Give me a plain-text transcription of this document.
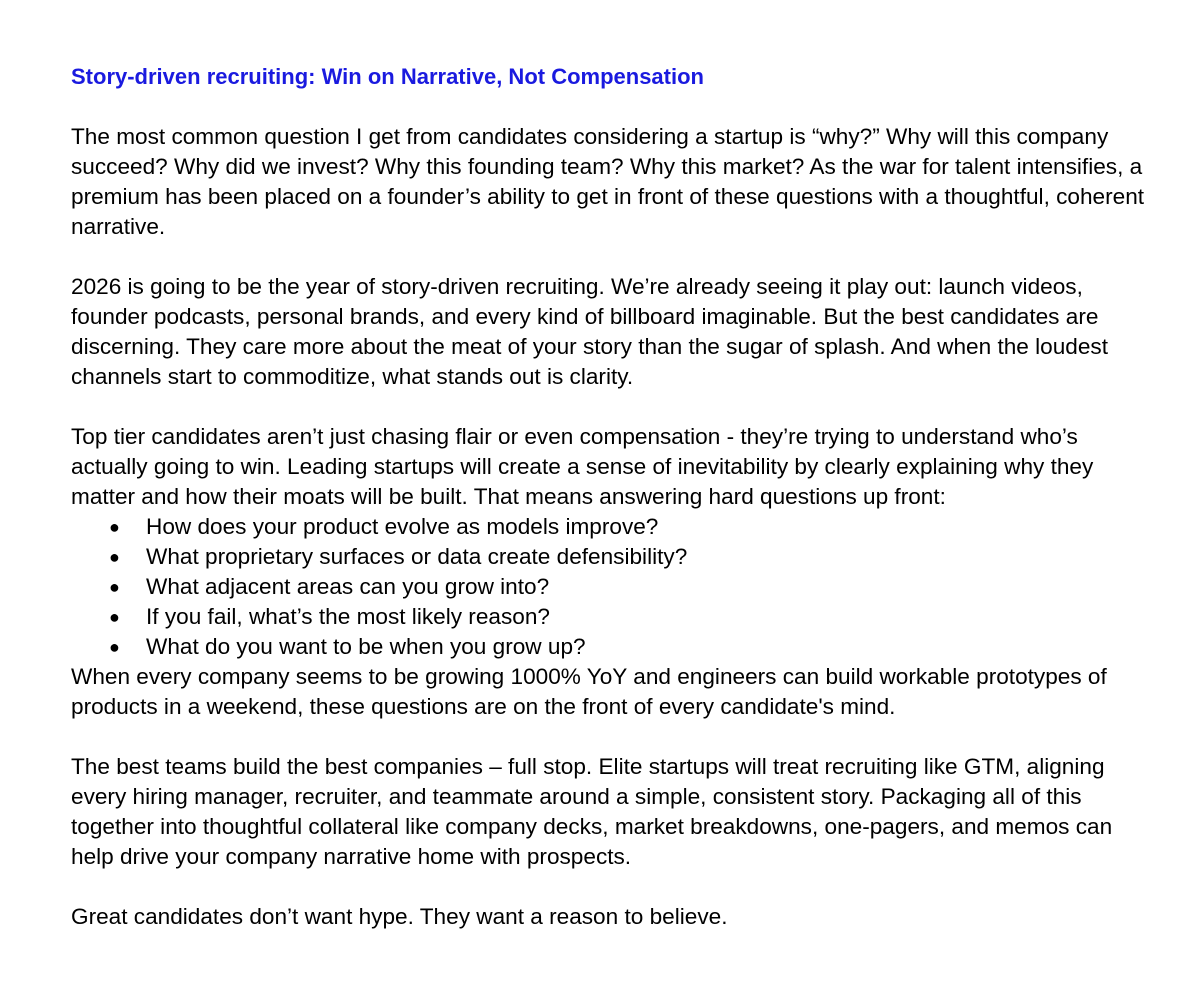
Story-driven recruiting: Win on Narrative, Not Compensation

The most common question I get from candidates considering a startup is “why?” Why will this company succeed? Why did we invest? Why this founding team? Why this market? As the war for talent intensifies, a premium has been placed on a founder’s ability to get in front of these questions with a thoughtful, coherent narrative.

2026 is going to be the year of story-driven recruiting. We’re already seeing it play out: launch videos, founder podcasts, personal brands, and every kind of billboard imaginable. But the best candidates are discerning. They care more about the meat of your story than the sugar of splash. And when the loudest channels start to commoditize, what stands out is clarity.

Top tier candidates aren’t just chasing flair or even compensation - they’re trying to understand who’s actually going to win. Leading startups will create a sense of inevitability by clearly explaining why they matter and how their moats will be built. That means answering hard questions up front:

● How does your product evolve as models improve?
● What proprietary surfaces or data create defensibility?
● What adjacent areas can you grow into?
● If you fail, what’s the most likely reason?
● What do you want to be when you grow up?

When every company seems to be growing 1000% YoY and engineers can build workable prototypes of products in a weekend, these questions are on the front of every candidate's mind.

The best teams build the best companies – full stop. Elite startups will treat recruiting like GTM, aligning every hiring manager, recruiter, and teammate around a simple, consistent story. Packaging all of this together into thoughtful collateral like company decks, market breakdowns, one-pagers, and memos can help drive your company narrative home with prospects.

Great candidates don’t want hype. They want a reason to believe.
